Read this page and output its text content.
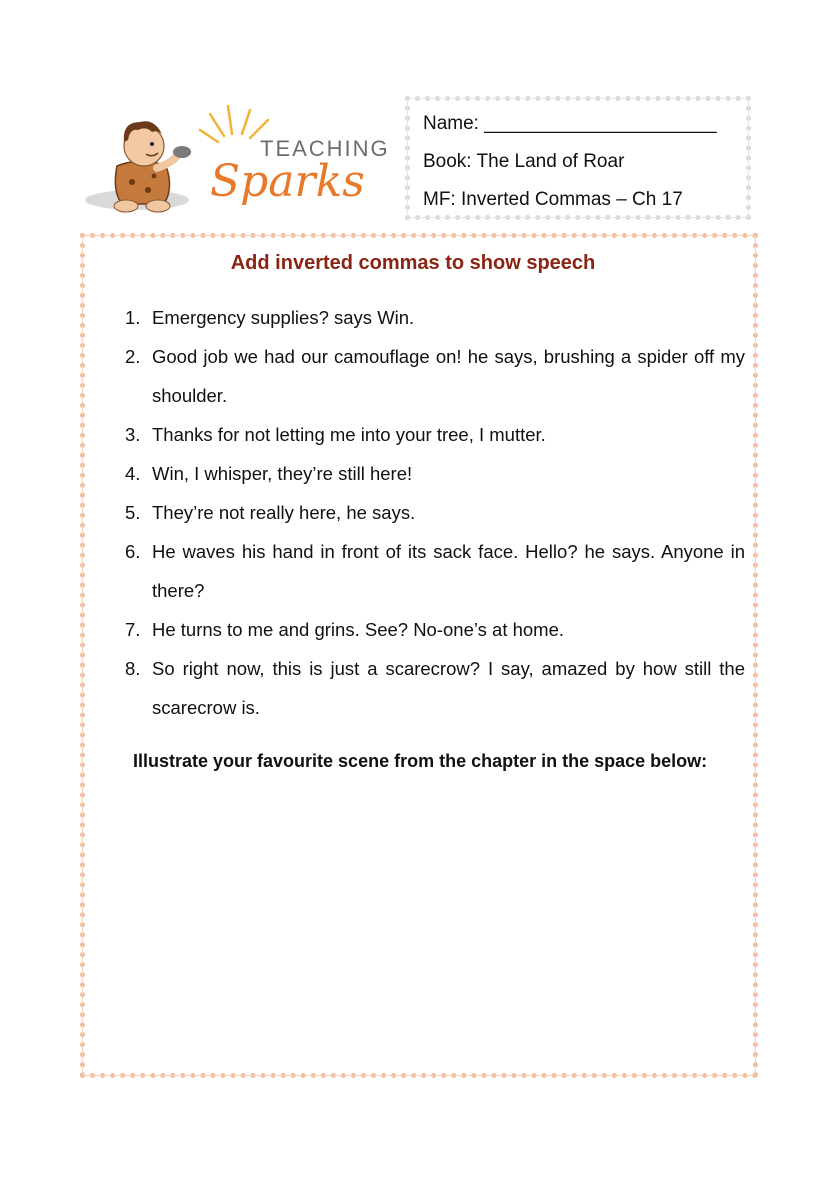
TEACHING
Sparks
Name: ______________________
Book: The Land of Roar
MF: Inverted Commas – Ch 17
Add inverted commas to show speech
1. Emergency supplies? says Win.
2. Good job we had our camouflage on! he says, brushing a spider off my shoulder.
3. Thanks for not letting me into your tree, I mutter.
4. Win, I whisper, they’re still here!
5. They’re not really here, he says.
6. He waves his hand in front of its sack face. Hello? he says. Anyone in there?
7. He turns to me and grins. See? No-one’s at home.
8. So right now, this is just a scarecrow? I say, amazed by how still the scarecrow is.
Illustrate your favourite scene from the chapter in the space below:
